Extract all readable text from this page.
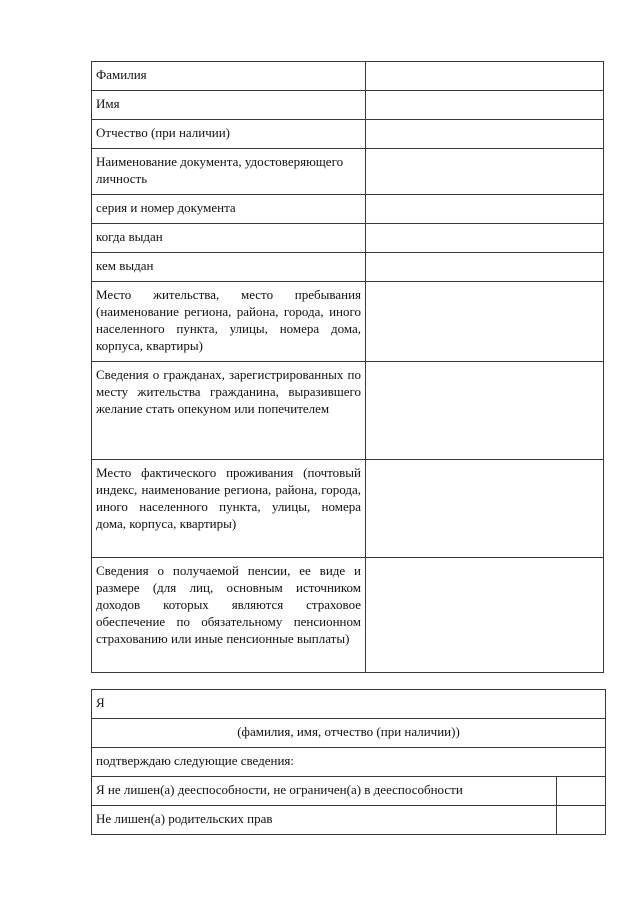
Фамилия	
Имя	
Отчество (при наличии)	
Наименование документа, удостоверяющего личность	
серия и номер документа	
когда выдан	
кем выдан	
Место жительства, место пребывания (наименование региона, района, города, иного населенного пункта, улицы, номера дома, корпуса, квартиры)	
Сведения о гражданах, зарегистрированных по месту жительства гражданина, выразившего желание стать опекуном или попечителем	
Место фактического проживания (почтовый индекс, наименование региона, района, города, иного населенного пункта, улицы, номера дома, корпуса, квартиры)	
Сведения о получаемой пенсии, ее виде и размере (для лиц, основным источником доходов которых являются страховое обеспечение по обязательному пенсионном страхованию или иные пенсионные выплаты)	
Я	
(фамилия, имя, отчество (при наличии))	
подтверждаю следующие сведения:	
Я не лишен(а) дееспособности, не ограничен(а) в дееспособности	
Не лишен(а) родительских прав	
